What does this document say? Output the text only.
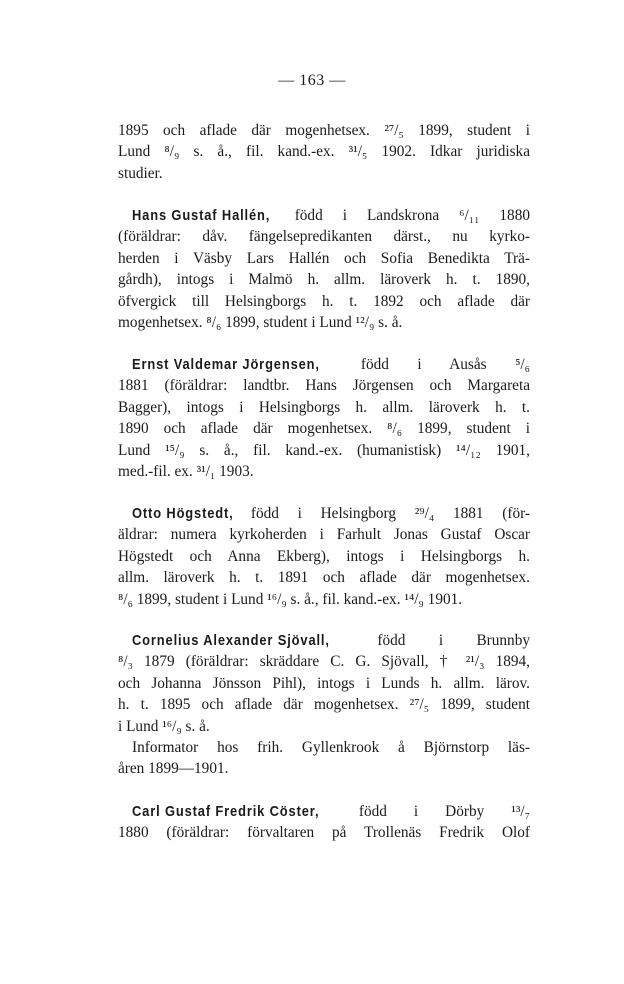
— 163 —
1895 och aflade där mogenhetsex. ²⁷/₅ 1899, student i
Lund ⁸/₉ s. å., fil. kand.-ex. ³¹/₅ 1902. Idkar juridiska
studier.
Hans Gustaf Hallén, född i Landskrona ⁶/₁₁ 1880
(föräldrar: dåv. fängelsepredikanten därst., nu kyrko-
herden i Väsby Lars Hallén och Sofia Benedikta Trä-
gårdh), intogs i Malmö h. allm. läroverk h. t. 1890,
öfvergick till Helsingborgs h. t. 1892 och aflade där
mogenhetsex. ⁸/₆ 1899, student i Lund ¹²/₉ s. å.
Ernst Valdemar Jörgensen, född i Ausås ⁵/₆
1881 (föräldrar: landtbr. Hans Jörgensen och Margareta
Bagger), intogs i Helsingborgs h. allm. läroverk h. t.
1890 och aflade där mogenhetsex. ⁸/₆ 1899, student i
Lund ¹⁵/₉ s. å., fil. kand.-ex. (humanistisk) ¹⁴/₁₂ 1901,
med.-fil. ex. ³¹/₁ 1903.
Otto Högstedt, född i Helsingborg ²⁹/₄ 1881 (för-
äldrar: numera kyrkoherden i Farhult Jonas Gustaf Oscar
Högstedt och Anna Ekberg), intogs i Helsingborgs h.
allm. läroverk h. t. 1891 och aflade där mogenhetsex.
⁸/₆ 1899, student i Lund ¹⁶/₉ s. å., fil. kand.-ex. ¹⁴/₉ 1901.
Cornelius Alexander Sjövall, född i Brunnby
⁸/₃ 1879 (föräldrar: skräddare C. G. Sjövall, † ²¹/₃ 1894,
och Johanna Jönsson Pihl), intogs i Lunds h. allm. lärov.
h. t. 1895 och aflade där mogenhetsex. ²⁷/₅ 1899, student
i Lund ¹⁶/₉ s. å.
Informator hos frih. Gyllenkrook å Björnstorp läs-
åren 1899—1901.
Carl Gustaf Fredrik Cöster, född i Dörby ¹³/₇
1880 (föräldrar: förvaltaren på Trollenäs Fredrik Olof
